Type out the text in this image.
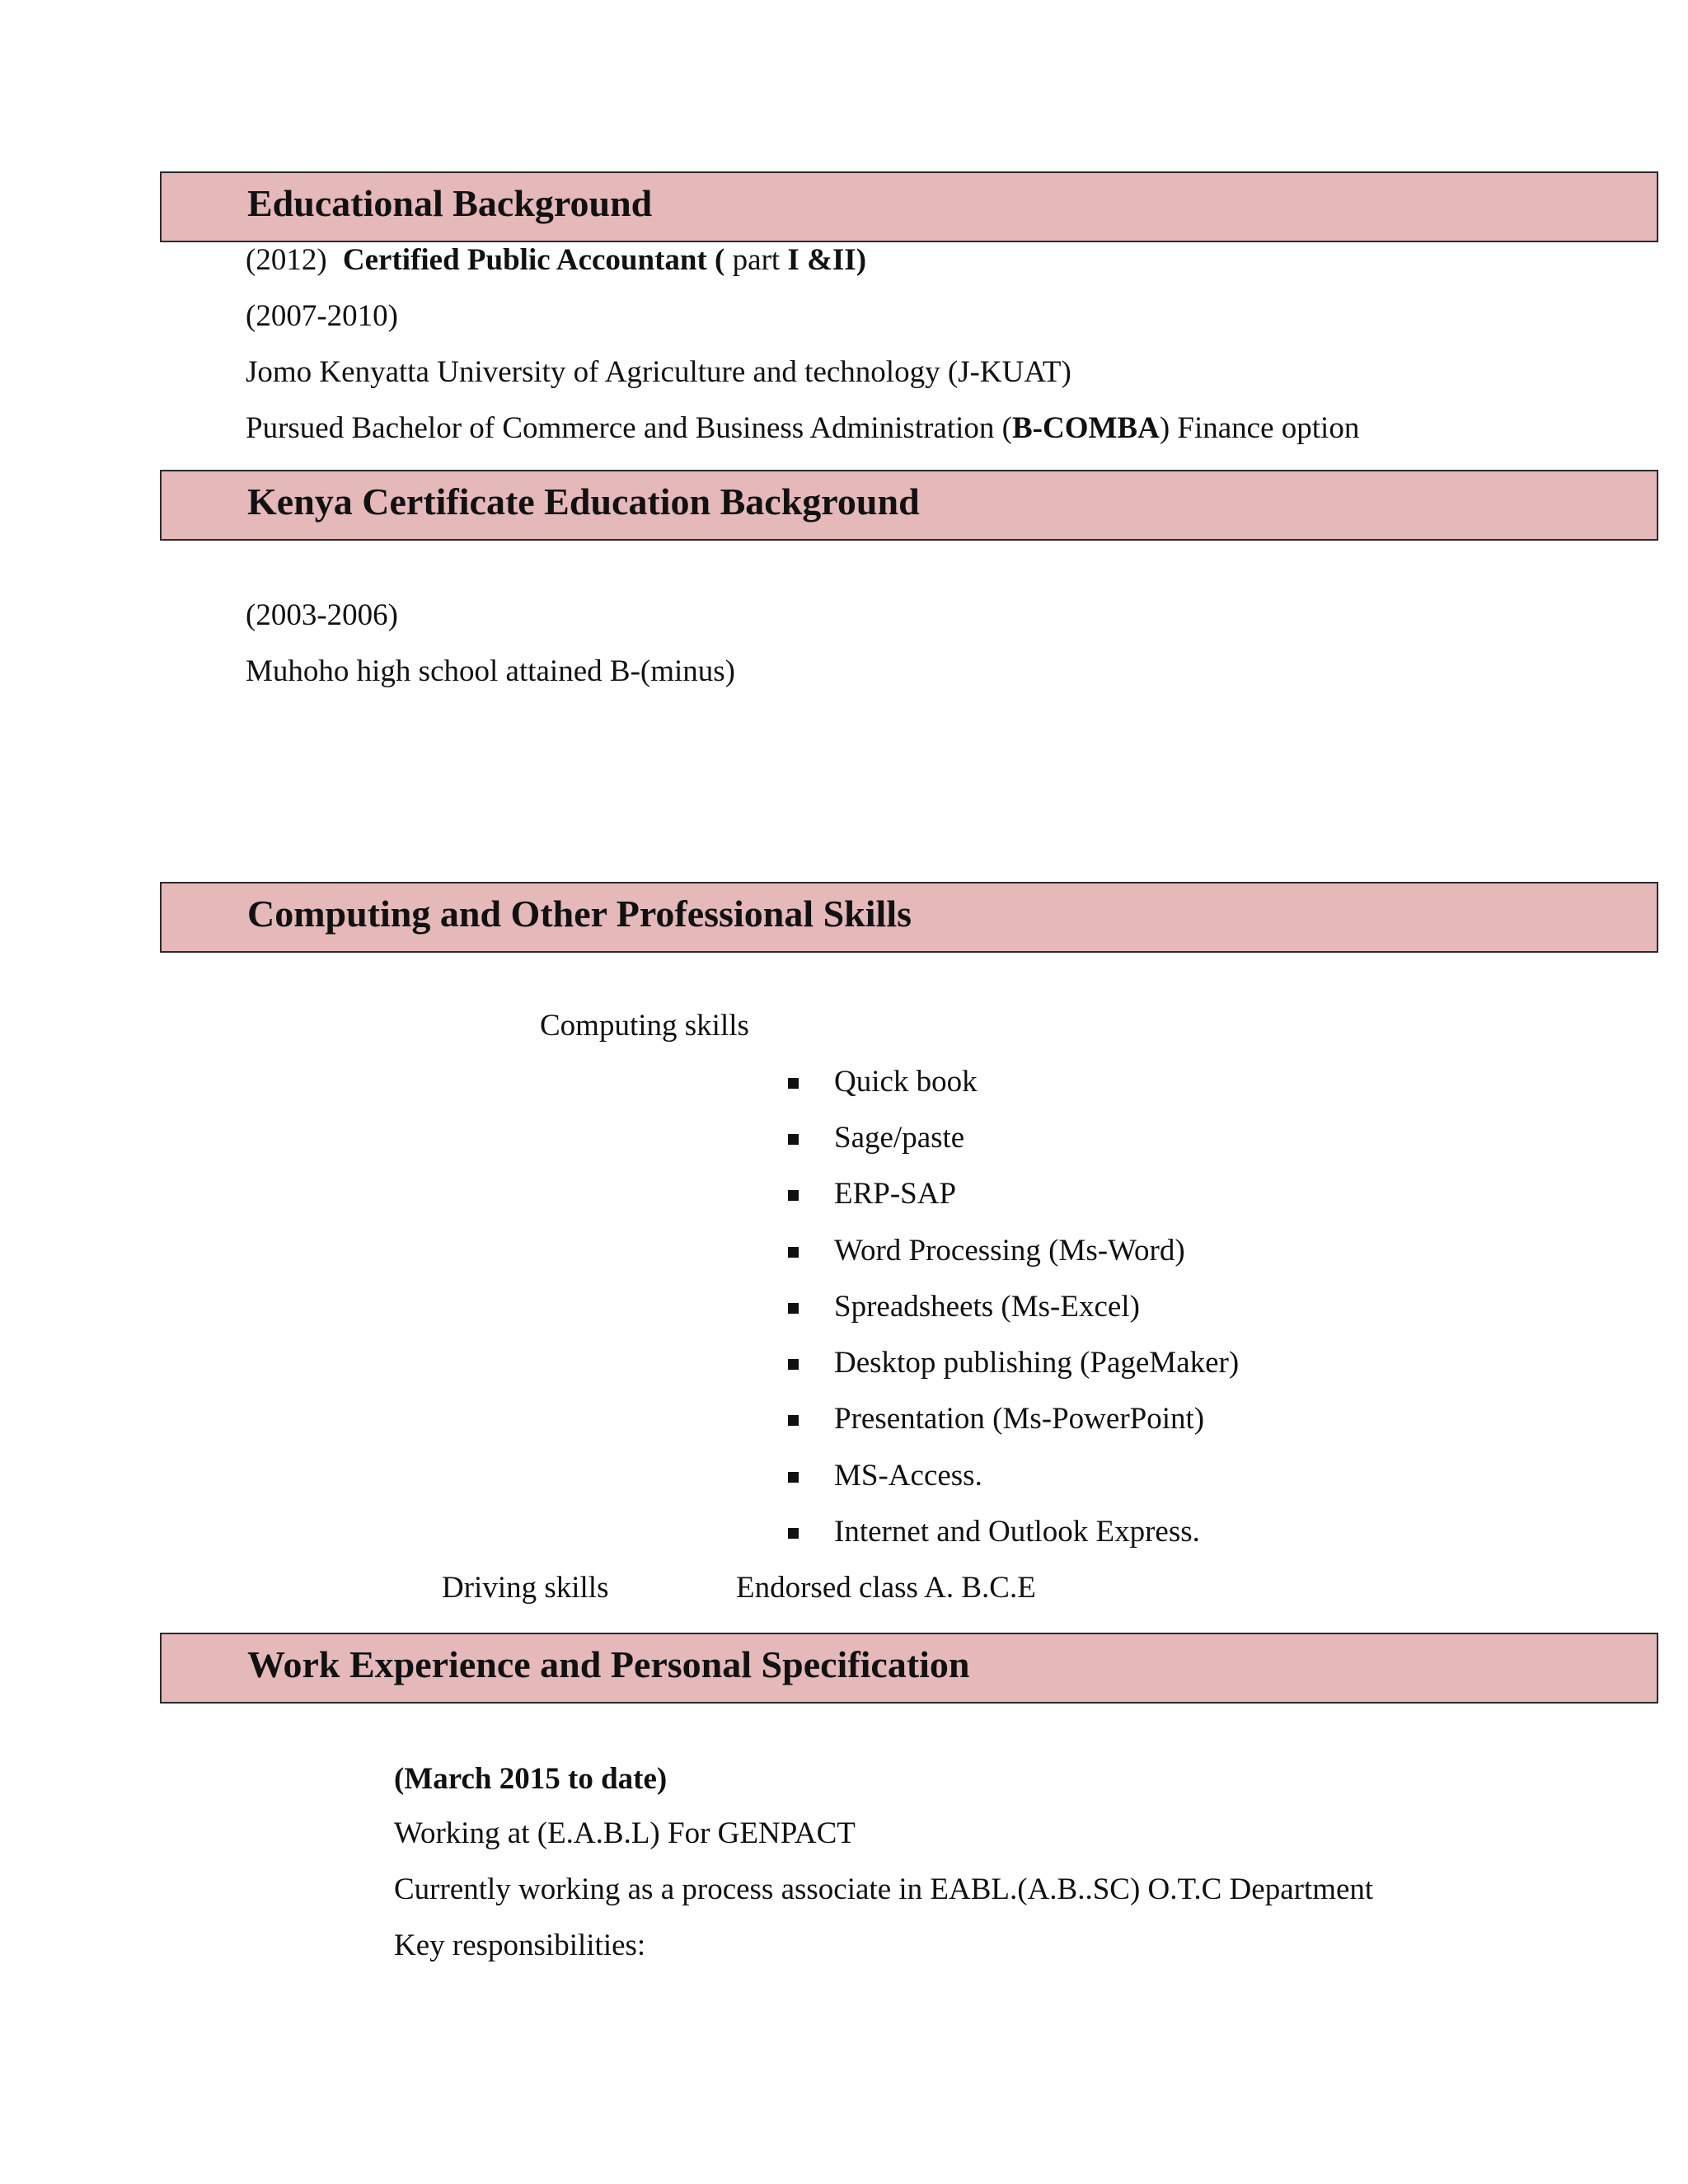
Educational Background
(2012) Certified Public Accountant ( part I &II)
(2007-2010)
Jomo Kenyatta University of Agriculture and technology (J-KUAT)
Pursued Bachelor of Commerce and Business Administration (B-COMBA) Finance option
Kenya Certificate Education Background
(2003-2006)
Muhoho high school attained B-(minus)
Computing and Other Professional Skills
Computing skills
Quick book
Sage/paste
ERP-SAP
Word Processing (Ms-Word)
Spreadsheets (Ms-Excel)
Desktop publishing (PageMaker)
Presentation (Ms-PowerPoint)
MS-Access.
Internet and Outlook Express.
Driving skills	Endorsed class A. B.C.E
Work Experience and Personal Specification
(March 2015 to date)
Working at (E.A.B.L) For GENPACT
Currently working as a process associate in EABL.(A.B..SC) O.T.C Department
Key responsibilities:
